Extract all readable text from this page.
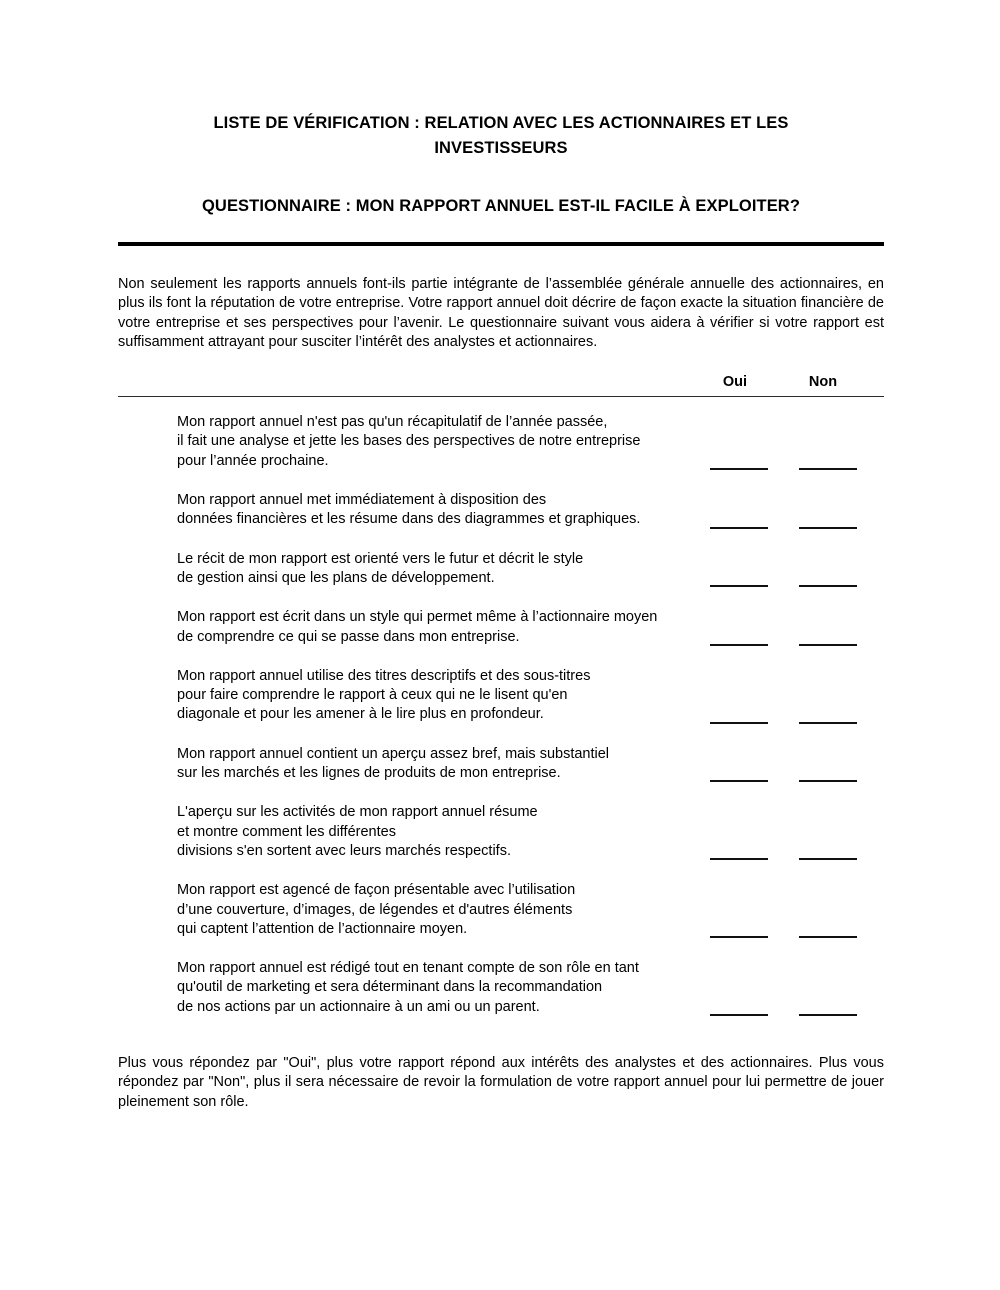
LISTE DE VÉRIFICATION : RELATION AVEC LES ACTIONNAIRES ET LES INVESTISSEURS
QUESTIONNAIRE : MON RAPPORT ANNUEL EST-IL FACILE À EXPLOITER?

Non seulement les rapports annuels font-ils partie intégrante de l’assemblée générale annuelle des actionnaires, en plus ils font la réputation de votre entreprise. Votre rapport annuel doit décrire de façon exacte la situation financière de votre entreprise et ses perspectives pour l’avenir. Le questionnaire suivant vous aidera à vérifier si votre rapport est suffisamment attrayant pour susciter l’intérêt des analystes et actionnaires.

Oui	Non
Mon rapport annuel n'est pas qu'un récapitulatif de l’année passée,
il fait une analyse et jette les bases des perspectives de notre entreprise
pour l’année prochaine.
Mon rapport annuel met immédiatement à disposition des
données financières et les résume dans des diagrammes et graphiques.
Le récit de mon rapport est orienté vers le futur et décrit le style
de gestion ainsi que les plans de développement.
Mon rapport est écrit dans un style qui permet même à l’actionnaire moyen
de comprendre ce qui se passe dans mon entreprise.
Mon rapport annuel utilise des titres descriptifs et des sous-titres
pour faire comprendre le rapport à ceux qui ne le lisent qu'en
diagonale et pour les amener à le lire plus en profondeur.
Mon rapport annuel contient un aperçu assez bref, mais substantiel
sur les marchés et les lignes de produits de mon entreprise.
L'aperçu sur les activités de mon rapport annuel résume
et montre comment les différentes
divisions s'en sortent avec leurs marchés respectifs.
Mon rapport est agencé de façon présentable avec l’utilisation
d’une couverture, d’images, de légendes et d'autres éléments
qui captent l’attention de l’actionnaire moyen.
Mon rapport annuel est rédigé tout en tenant compte de son rôle en tant
qu'outil de marketing et sera déterminant dans la recommandation
de nos actions par un actionnaire à un ami ou un parent.

Plus vous répondez par "Oui", plus votre rapport répond aux intérêts des analystes et des actionnaires. Plus vous répondez par "Non", plus il sera nécessaire de revoir la formulation de votre rapport annuel pour lui permettre de jouer pleinement son rôle.
